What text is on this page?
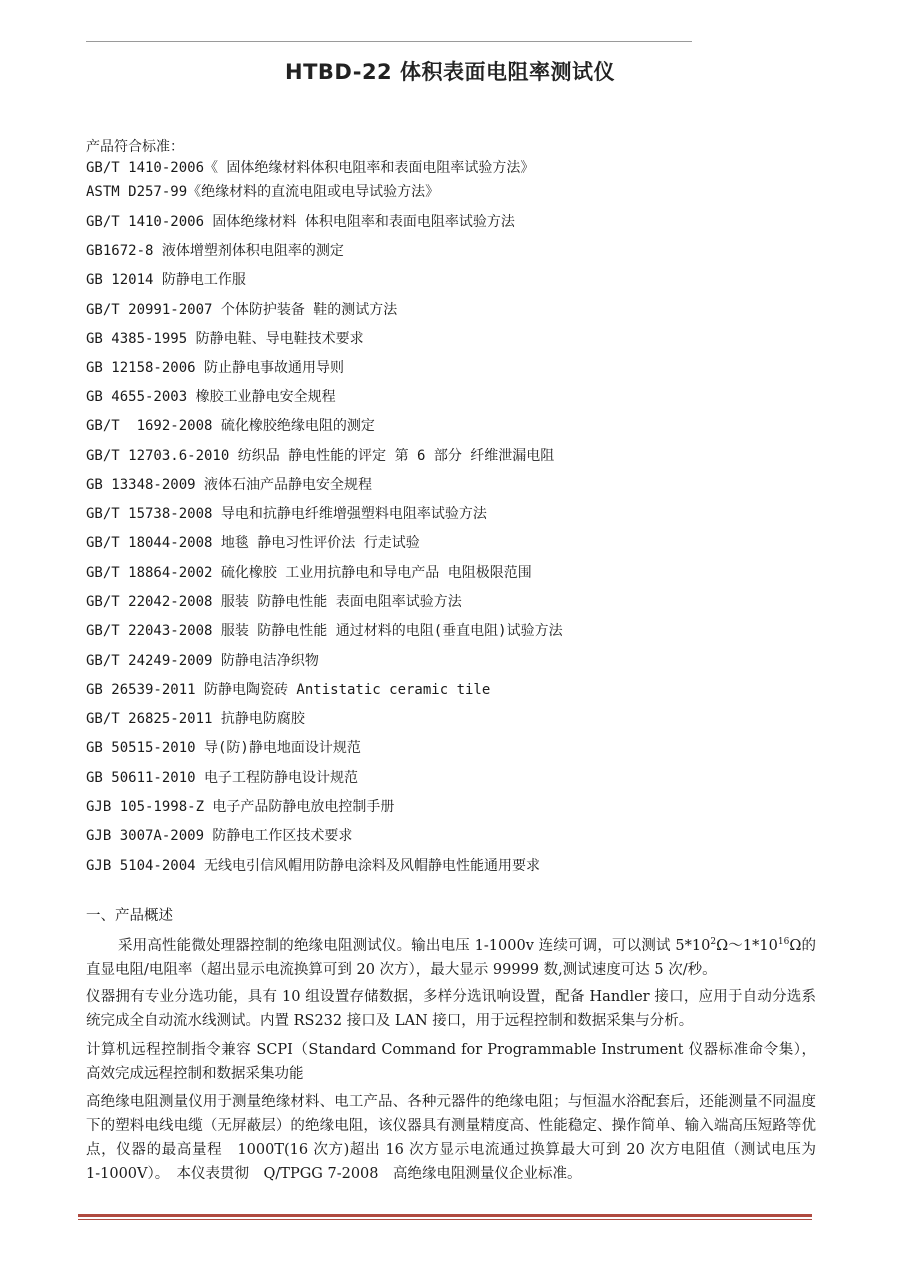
HTBD-22 体积表面电阻率测试仪
产品符合标准：
GB/T 1410-2006《 固体绝缘材料体积电阻率和表面电阻率试验方法》
ASTM D257-99《绝缘材料的直流电阻或电导试验方法》
GB/T 1410-2006 固体绝缘材料 体积电阻率和表面电阻率试验方法
GB1672-8 液体增塑剂体积电阻率的测定
GB 12014 防静电工作服
GB/T 20991-2007 个体防护装备 鞋的测试方法
GB 4385-1995 防静电鞋、导电鞋技术要求
GB 12158-2006 防止静电事故通用导则
GB 4655-2003 橡胶工业静电安全规程
GB/T  1692-2008 硫化橡胶绝缘电阻的测定
GB/T 12703.6-2010 纺织品 静电性能的评定 第 6 部分 纤维泄漏电阻
GB 13348-2009 液体石油产品静电安全规程
GB/T 15738-2008 导电和抗静电纤维增强塑料电阻率试验方法
GB/T 18044-2008 地毯 静电习性评价法 行走试验
GB/T 18864-2002 硫化橡胶 工业用抗静电和导电产品 电阻极限范围
GB/T 22042-2008 服装 防静电性能 表面电阻率试验方法
GB/T 22043-2008 服装 防静电性能 通过材料的电阻(垂直电阻)试验方法
GB/T 24249-2009 防静电洁净织物
GB 26539-2011 防静电陶瓷砖 Antistatic ceramic tile
GB/T 26825-2011 抗静电防腐胶
GB 50515-2010 导(防)静电地面设计规范
GB 50611-2010 电子工程防静电设计规范
GJB 105-1998-Z 电子产品防静电放电控制手册
GJB 3007A-2009 防静电工作区技术要求
GJB 5104-2004 无线电引信风帽用防静电涂料及风帽静电性能通用要求
一、产品概述

采用高性能微处理器控制的绝缘电阻测试仪。输出电压 1-1000v 连续可调，可以测试 $5*10^2\Omega\sim 1*10^{16}\Omega$的直显电阻/电阻率（超出显示电流换算可到 20 次方），最大显示 99999 数,测试速度可达 5 次/秒。

仪器拥有专业分选功能，具有 10 组设置存储数据，多样分选讯响设置，配备 Handler 接口，应用于自动分选系统完成全自动流水线测试。内置 RS232 接口及 LAN 接口，用于远程控制和数据采集与分析。

计算机远程控制指令兼容 SCPI（Standard Command for Programmable Instrument 仪器标准命令集），高效完成远程控制和数据采集功能

高绝缘电阻测量仪用于测量绝缘材料、电工产品、各种元器件的绝缘电阻；与恒温水浴配套后，还能测量不同温度下的塑料电线电缆（无屏蔽层）的绝缘电阻，该仪器具有测量精度高、性能稳定、操作简单、输入端高压短路等优点，仪器的最高量程　1000T(16 次方)超出 16 次方显示电流通过换算最大可到 20 次方电阻值（测试电压为　1-1000V）。　本仪表贯彻　Q/TPGG 7-2008　高绝缘电阻测量仪企业标准。
